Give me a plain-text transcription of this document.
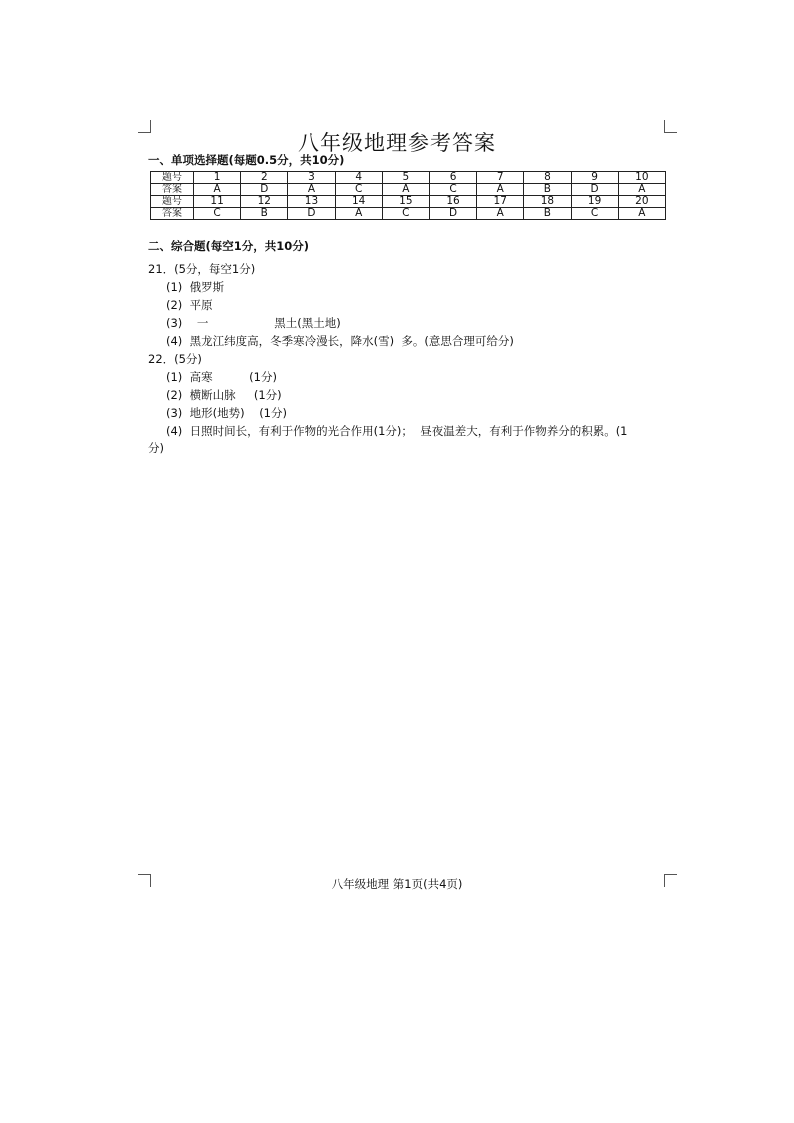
八年级地理参考答案
一、单项选择题(每题0.5分，共10分)
题号	1	2	3	4	5	6	7	8	9	10
答案	A	D	A	C	A	C	A	B	D	A
题号	11	12	13	14	15	16	17	18	19	20
答案	C	B	D	A	C	D	A	B	C	A
二、综合题(每空1分，共10分)
21．(5分，每空1分)
(1)  俄罗斯
(2)  平原
(3)    一                  黑土(黑土地)
(4)  黑龙江纬度高，冬季寒冷漫长，降水(雪)  多。(意思合理可给分)
22．(5分)
(1)  高寒          (1分)
(2)  横断山脉     (1分)
(3)  地形(地势)    (1分)
(4)  日照时间长，有利于作物的光合作用(1分)；  昼夜温差大，有利于作物养分的积累。(1
分)
八年级地理 第1页(共4页)
